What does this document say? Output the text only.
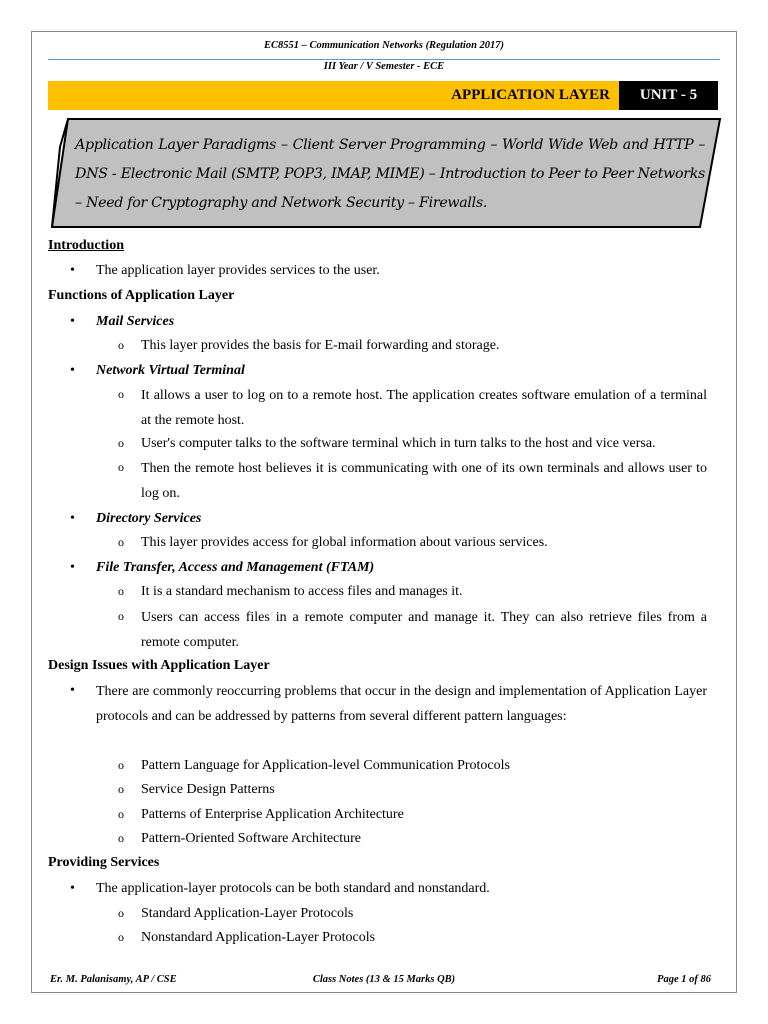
EC8551 – Communication Networks (Regulation 2017)
III Year / V Semester - ECE
APPLICATION LAYER	UNIT - 5
Application Layer Paradigms – Client Server Programming – World Wide Web and HTTP – DNS - Electronic Mail (SMTP, POP3, IMAP, MIME) – Introduction to Peer to Peer Networks – Need for Cryptography and Network Security – Firewalls.
Introduction
• The application layer provides services to the user.
Functions of Application Layer
• Mail Services
o This layer provides the basis for E-mail forwarding and storage.
• Network Virtual Terminal
o It allows a user to log on to a remote host. The application creates software emulation of a terminal at the remote host.
o User's computer talks to the software terminal which in turn talks to the host and vice versa.
o Then the remote host believes it is communicating with one of its own terminals and allows user to log on.
• Directory Services
o This layer provides access for global information about various services.
• File Transfer, Access and Management (FTAM)
o It is a standard mechanism to access files and manages it.
o Users can access files in a remote computer and manage it. They can also retrieve files from a remote computer.
Design Issues with Application Layer
• There are commonly reoccurring problems that occur in the design and implementation of Application Layer protocols and can be addressed by patterns from several different pattern languages:
o Pattern Language for Application-level Communication Protocols
o Service Design Patterns
o Patterns of Enterprise Application Architecture
o Pattern-Oriented Software Architecture
Providing Services
• The application-layer protocols can be both standard and nonstandard.
o Standard Application-Layer Protocols
o Nonstandard Application-Layer Protocols
Er. M. Palanisamy, AP / CSE	Class Notes (13 & 15 Marks QB)	Page 1 of 86
